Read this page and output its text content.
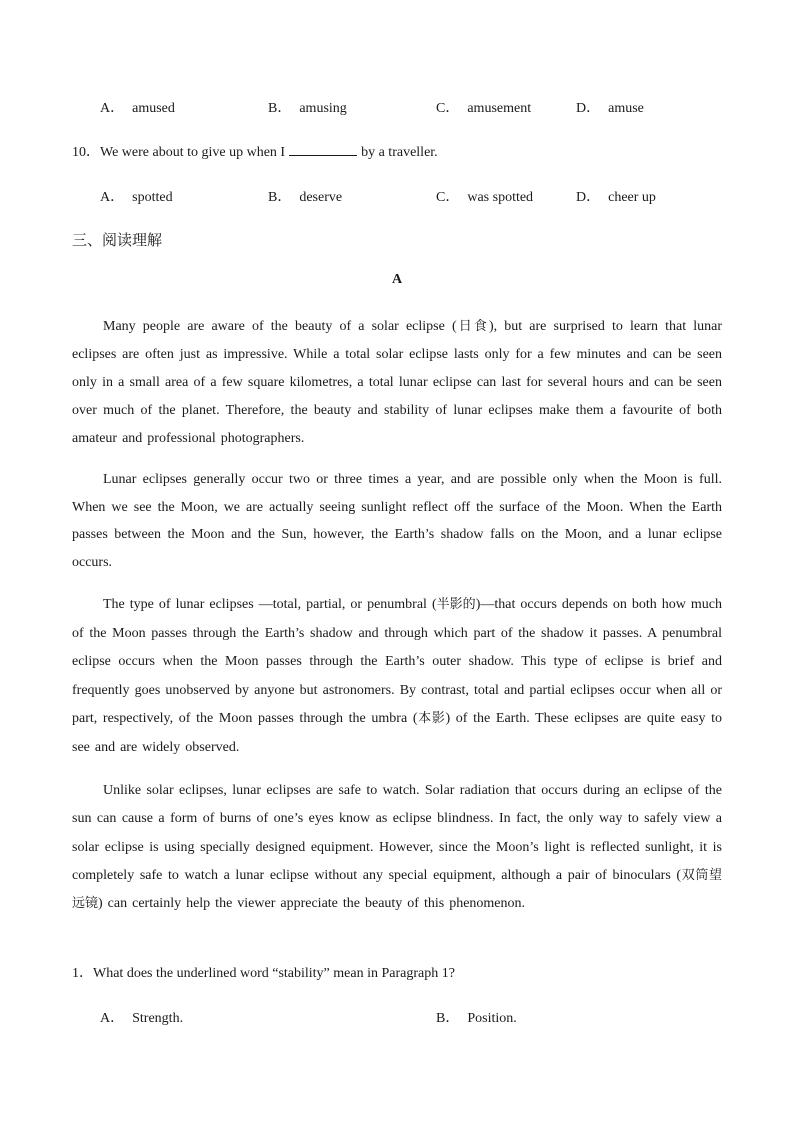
A． amused	B． amusing	C． amusement	D． amuse
10．We were about to give up when I	by a traveller.
A． spotted	B． deserve	C． was spotted	D． cheer up
三、阅读理解
A
Many people are aware of the beauty of a solar eclipse (日食), but are surprised to learn that lunar eclipses are often just as impressive. While a total solar eclipse lasts only for a few minutes and can be seen only in a small area of a few square kilometres, a total lunar eclipse can last for several hours and can be seen over much of the planet. Therefore, the beauty and stability of lunar eclipses make them a favourite of both amateur and professional photographers.
Lunar eclipses generally occur two or three times a year, and are possible only when the Moon is full. When we see the Moon, we are actually seeing sunlight reflect off the surface of the Moon. When the Earth passes between the Moon and the Sun, however, the Earth’s shadow falls on the Moon, and a lunar eclipse occurs.
The type of lunar eclipses —total, partial, or penumbral (半影的)—that occurs depends on both how much of the Moon passes through the Earth’s shadow and through which part of the shadow it passes. A penumbral eclipse occurs when the Moon passes through the Earth’s outer shadow. This type of eclipse is brief and frequently goes unobserved by anyone but astronomers. By contrast, total and partial eclipses occur when all or part, respectively, of the Moon passes through the umbra (本影) of the Earth. These eclipses are quite easy to see and are widely observed.
Unlike solar eclipses, lunar eclipses are safe to watch. Solar radiation that occurs during an eclipse of the sun can cause a form of burns of one’s eyes know as eclipse blindness. In fact, the only way to safely view a solar eclipse is using specially designed equipment. However, since the Moon’s light is reflected sunlight, it is completely safe to watch a lunar eclipse without any special equipment, although a pair of binoculars (双筒望远镜) can certainly help the viewer appreciate the beauty of this phenomenon.
1．What does the underlined word “stability” mean in Paragraph 1?
A． Strength.	B． Position.
